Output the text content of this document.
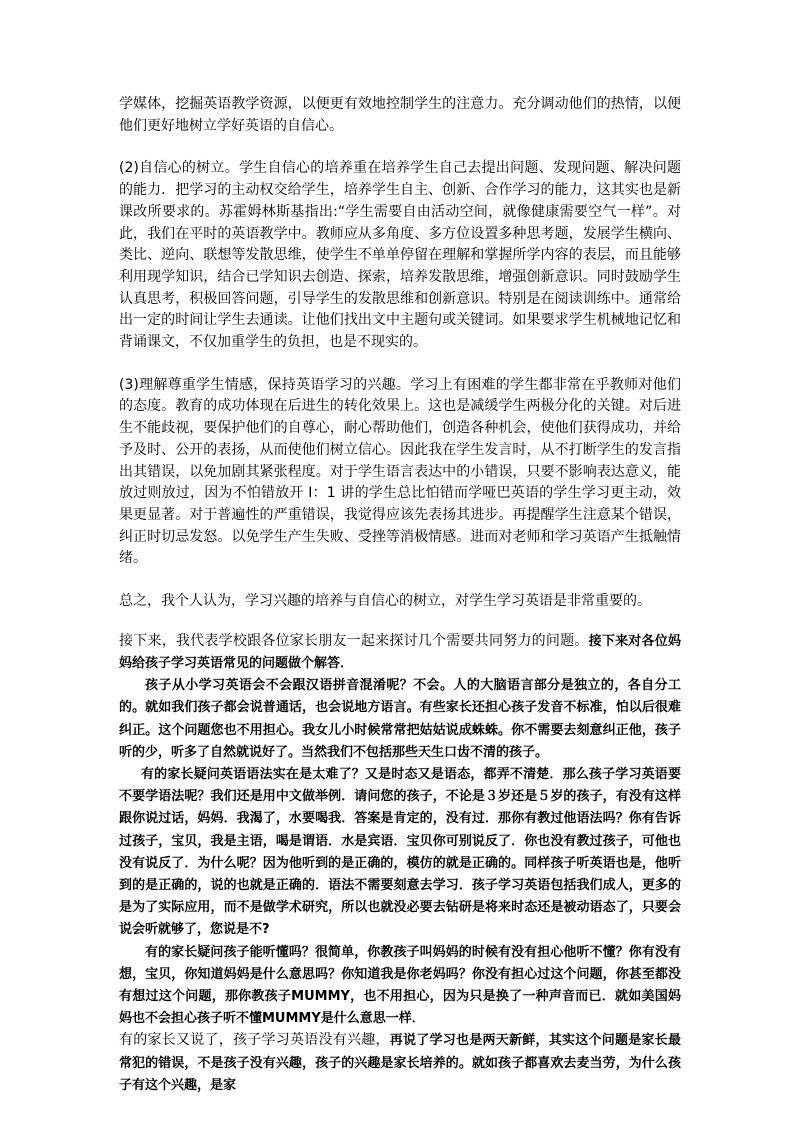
学媒体，挖掘英语教学资源，以便更有效地控制学生的注意力。充分调动他们的热情，以便他们更好地树立学好英语的自信心。

(2)自信心的树立。学生自信心的培养重在培养学生自己去提出问题、发现问题、解决问题的能力．把学习的主动权交给学生，培养学生自主、创新、合作学习的能力，这其实也是新课改所要求的。苏霍姆林斯基指出:“学生需要自由活动空间，就像健康需要空气一样”。对此，我们在平时的英语教学中。教师应从多角度、多方位设置多种思考题，发展学生横向、类比、逆向、联想等发散思维，使学生不单单停留在理解和掌握所学内容的表层，而且能够利用现学知识，结合已学知识去创造、探索，培养发散思维，增强创新意识。同时鼓励学生认真思考，积极回答问题，引导学生的发散思维和创新意识。特别是在阅读训练中。通常给出一定的时间让学生去通读。让他们找出文中主题句或关键词。如果要求学生机械地记忆和背诵课文，不仅加重学生的负担，也是不现实的。

(3)理解尊重学生情感，保持英语学习的兴趣。学习上有困难的学生都非常在乎教师对他们的态度。教育的成功体现在后进生的转化效果上。这也是减缓学生两极分化的关键。对后进生不能歧视，要保护他们的自尊心，耐心帮助他们，创造各种机会，使他们获得成功，并给予及时、公开的表扬，从而使他们树立信心。因此我在学生发言时，从不打断学生的发言指出其错误，以免加剧其紧张程度。对于学生语言表达中的小错误，只要不影响表达意义，能放过则放过，因为不怕错放开 I：1 讲的学生总比怕错而学哑巴英语的学生学习更主动，效果更显著。对于普遍性的严重错误，我觉得应该先表扬其进步。再提醒学生注意某个错误，纠正时切忌发怒。以免学生产生失败、受挫等消极情感。进而对老师和学习英语产生抵触情绪。

总之，我个人认为，学习兴趣的培养与自信心的树立，对学生学习英语是非常重要的。

接下来，我代表学校跟各位家长朋友一起来探讨几个需要共同努力的问题。接下来对各位妈妈给孩子学习英语常见的问题做个解答．

孩子从小学习英语会不会跟汉语拼音混淆呢？不会。人的大脑语言部分是独立的，各自分工的。就如我们孩子都会说普通话，也会说地方语言。有些家长还担心孩子发音不标准，怕以后很难纠正。这个问题您也不用担心。我女儿小时候常常把姑姑说成蛛蛛。你不需要去刻意纠正他，孩子听的少，听多了自然就说好了。当然我们不包括那些天生口齿不清的孩子。

有的家长疑问英语语法实在是太难了？又是时态又是语态，都弄不清楚．那么孩子学习英语要不要学语法呢？我们还是用中文做举例．请问您的孩子，不论是３岁还是５岁的孩子，有没有这样跟你说过话，妈妈．我渴了，水要喝我．答案是肯定的，没有过．那你有教过他语法吗？你有告诉过孩子，宝贝，我是主语，喝是谓语．水是宾语．宝贝你可别说反了．你也没有教过孩子，可他也没有说反了．为什么呢？因为他听到的是正确的，模仿的就是正确的。同样孩子听英语也是，他听到的是正确的，说的也就是正确的．语法不需要刻意去学习．孩子学习英语包括我们成人，更多的是为了实际应用，而不是做学术研究，所以也就没必要去钻研是将来时态还是被动语态了，只要会说会听就够了，您说是不?

有的家长疑问孩子能听懂吗？很简单，你教孩子叫妈妈的时候有没有担心他听不懂？你有没有想，宝贝，你知道妈妈是什么意思吗？你知道我是你老妈吗？你没有担心过这个问题，你甚至都没有想过这个问题，那你教孩子MUMMY，也不用担心，因为只是换了一种声音而已．就如美国妈妈也不会担心孩子听不懂MUMMY是什么意思一样．

有的家长又说了，孩子学习英语没有兴趣，再说了学习也是两天新鲜，其实这个问题是家长最常犯的错误，不是孩子没有兴趣，孩子的兴趣是家长培养的。就如孩子都喜欢去麦当劳，为什么孩子有这个兴趣，是家
